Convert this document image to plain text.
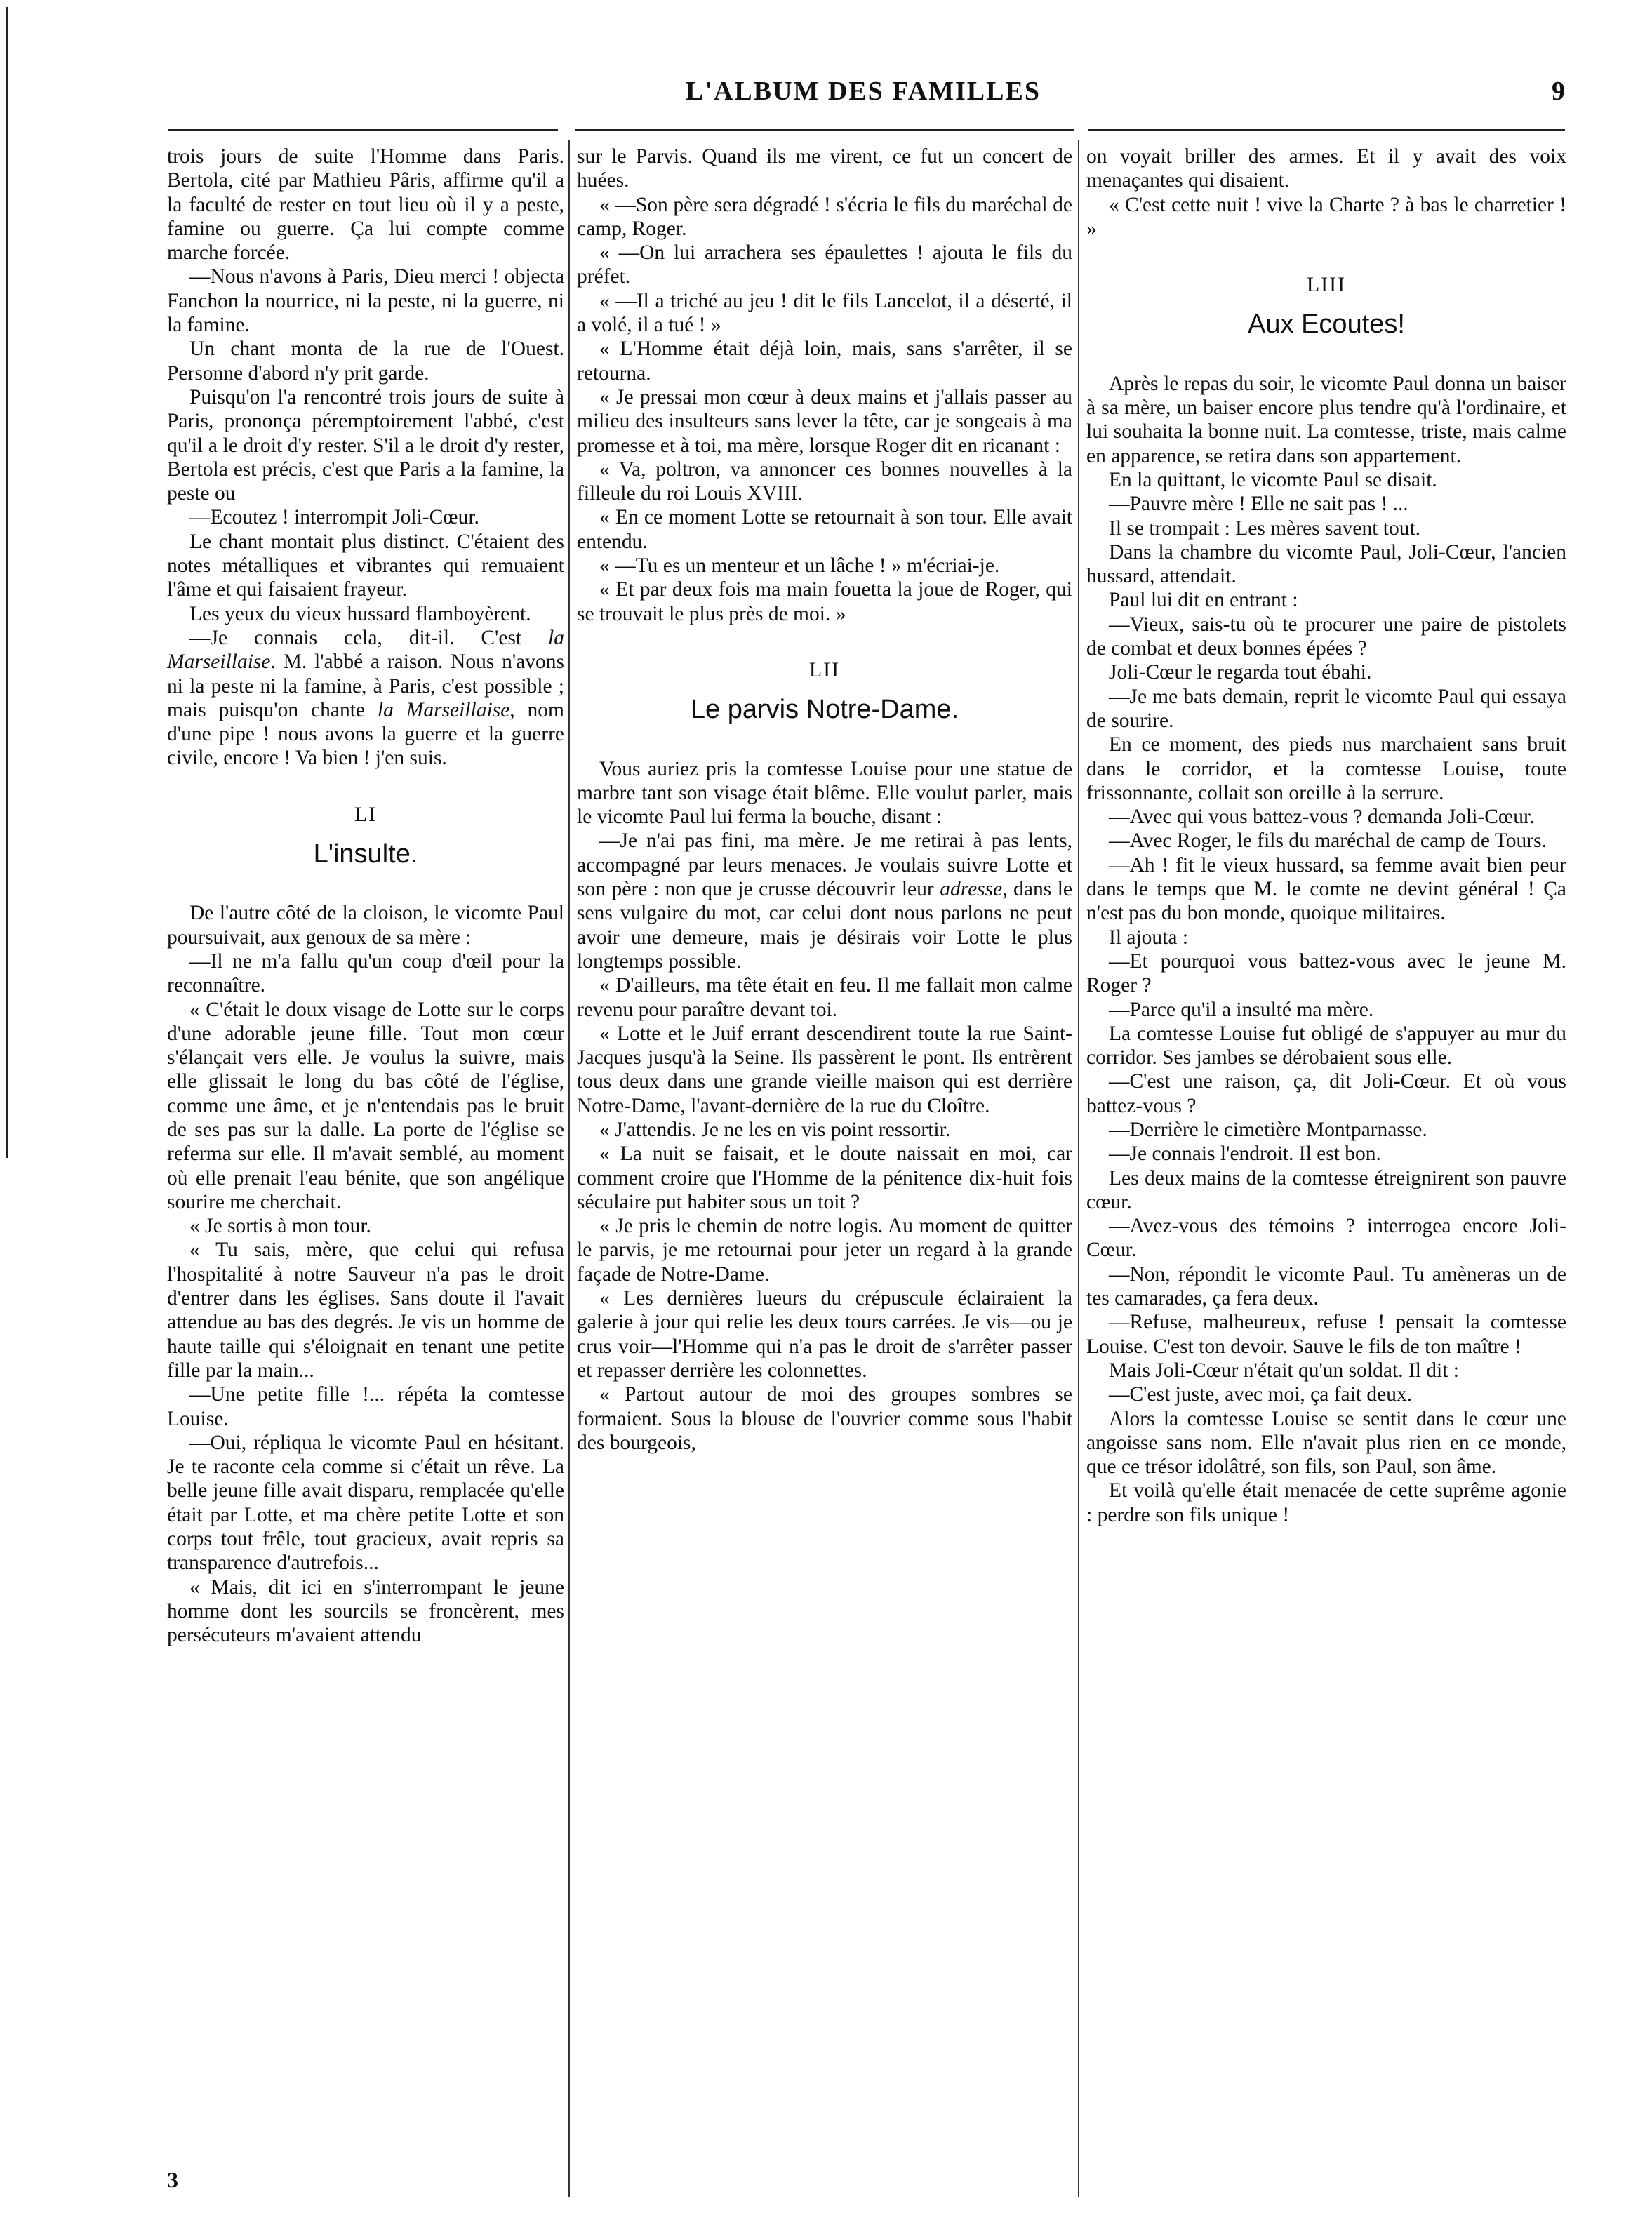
L'ALBUM DES FAMILLES	9

trois jours de suite l'Homme dans Paris. Bertola, cité par Mathieu Pâris, affirme qu'il a la faculté de rester en tout lieu où il y a peste, famine ou guerre. Ça lui compte comme marche forcée.

—Nous n'avons à Paris, Dieu merci ! objecta Fanchon la nourrice, ni la peste, ni la guerre, ni la famine.

Un chant monta de la rue de l'Ouest. Personne d'abord n'y prit garde.

Puisqu'on l'a rencontré trois jours de suite à Paris, prononça péremptoirement l'abbé, c'est qu'il a le droit d'y rester. S'il a le droit d'y rester, Bertola est précis, c'est que Paris a la famine, la peste ou

—Ecoutez ! interrompit Joli-Cœur.

Le chant montait plus distinct. C'étaient des notes métalliques et vibrantes qui remuaient l'âme et qui faisaient frayeur.

Les yeux du vieux hussard flamboyèrent.

—Je connais cela, dit-il. C'est la Marseillaise. M. l'abbé a raison. Nous n'avons ni la peste ni la famine, à Paris, c'est possible ; mais puisqu'on chante la Marseillaise, nom d'une pipe ! nous avons la guerre et la guerre civile, encore ! Va bien ! j'en suis.

LI
L'insulte.

De l'autre côté de la cloison, le vicomte Paul poursuivait, aux genoux de sa mère :

—Il ne m'a fallu qu'un coup d'œil pour la reconnaître.

« C'était le doux visage de Lotte sur le corps d'une adorable jeune fille. Tout mon cœur s'élançait vers elle. Je voulus la suivre, mais elle glissait le long du bas côté de l'église, comme une âme, et je n'entendais pas le bruit de ses pas sur la dalle. La porte de l'église se referma sur elle. Il m'avait semblé, au moment où elle prenait l'eau bénite, que son angélique sourire me cherchait.

« Je sortis à mon tour.

« Tu sais, mère, que celui qui refusa l'hospitalité à notre Sauveur n'a pas le droit d'entrer dans les églises. Sans doute il l'avait attendue au bas des degrés. Je vis un homme de haute taille qui s'éloignait en tenant une petite fille par la main...

—Une petite fille !... répéta la comtesse Louise.

—Oui, répliqua le vicomte Paul en hésitant. Je te raconte cela comme si c'était un rêve. La belle jeune fille avait disparu, remplacée qu'elle était par Lotte, et ma chère petite Lotte et son corps tout frêle, tout gracieux, avait repris sa transparence d'autrefois...

« Mais, dit ici en s'interrompant le jeune homme dont les sourcils se froncèrent, mes persécuteurs m'avaient attendu

sur le Parvis. Quand ils me virent, ce fut un concert de huées.

« —Son père sera dégradé ! s'écria le fils du maréchal de camp, Roger.

« —On lui arrachera ses épaulettes ! ajouta le fils du préfet.

« —Il a triché au jeu ! dit le fils Lancelot, il a déserté, il a volé, il a tué ! »

« L'Homme était déjà loin, mais, sans s'arrêter, il se retourna.

« Je pressai mon cœur à deux mains et j'allais passer au milieu des insulteurs sans lever la tête, car je songeais à ma promesse et à toi, ma mère, lorsque Roger dit en ricanant :

« Va, poltron, va annoncer ces bonnes nouvelles à la filleule du roi Louis XVIII.

« En ce moment Lotte se retournait à son tour. Elle avait entendu.

« —Tu es un menteur et un lâche ! » m'écriai-je.

« Et par deux fois ma main fouetta la joue de Roger, qui se trouvait le plus près de moi. »

LII
Le parvis Notre-Dame.

Vous auriez pris la comtesse Louise pour une statue de marbre tant son visage était blême. Elle voulut parler, mais le vicomte Paul lui ferma la bouche, disant :

—Je n'ai pas fini, ma mère. Je me retirai à pas lents, accompagné par leurs menaces. Je voulais suivre Lotte et son père : non que je crusse découvrir leur adresse, dans le sens vulgaire du mot, car celui dont nous parlons ne peut avoir une demeure, mais je désirais voir Lotte le plus longtemps possible.

« D'ailleurs, ma tête était en feu. Il me fallait mon calme revenu pour paraître devant toi.

« Lotte et le Juif errant descendirent toute la rue Saint-Jacques jusqu'à la Seine. Ils passèrent le pont. Ils entrèrent tous deux dans une grande vieille maison qui est derrière Notre-Dame, l'avant-dernière de la rue du Cloître.

« J'attendis. Je ne les en vis point ressortir.

« La nuit se faisait, et le doute naissait en moi, car comment croire que l'Homme de la pénitence dix-huit fois séculaire put habiter sous un toit ?

« Je pris le chemin de notre logis. Au moment de quitter le parvis, je me retournai pour jeter un regard à la grande façade de Notre-Dame.

« Les dernières lueurs du crépuscule éclairaient la galerie à jour qui relie les deux tours carrées. Je vis—ou je crus voir—l'Homme qui n'a pas le droit de s'arrêter passer et repasser derrière les colonnettes.

« Partout autour de moi des groupes sombres se formaient. Sous la blouse de l'ouvrier comme sous l'habit des bourgeois,

on voyait briller des armes. Et il y avait des voix menaçantes qui disaient.

« C'est cette nuit ! vive la Charte ? à bas le charretier ! »

LIII
Aux Ecoutes!

Après le repas du soir, le vicomte Paul donna un baiser à sa mère, un baiser encore plus tendre qu'à l'ordinaire, et lui souhaita la bonne nuit. La comtesse, triste, mais calme en apparence, se retira dans son appartement.

En la quittant, le vicomte Paul se disait.

—Pauvre mère ! Elle ne sait pas ! ...

Il se trompait : Les mères savent tout.

Dans la chambre du vicomte Paul, Joli-Cœur, l'ancien hussard, attendait.

Paul lui dit en entrant :

—Vieux, sais-tu où te procurer une paire de pistolets de combat et deux bonnes épées ?

Joli-Cœur le regarda tout ébahi.

—Je me bats demain, reprit le vicomte Paul qui essaya de sourire.

En ce moment, des pieds nus marchaient sans bruit dans le corridor, et la comtesse Louise, toute frissonnante, collait son oreille à la serrure.

—Avec qui vous battez-vous ? demanda Joli-Cœur.

—Avec Roger, le fils du maréchal de camp de Tours.

—Ah ! fit le vieux hussard, sa femme avait bien peur dans le temps que M. le comte ne devint général ! Ça n'est pas du bon monde, quoique militaires.

Il ajouta :

—Et pourquoi vous battez-vous avec le jeune M. Roger ?

—Parce qu'il a insulté ma mère.

La comtesse Louise fut obligé de s'appuyer au mur du corridor. Ses jambes se dérobaient sous elle.

—C'est une raison, ça, dit Joli-Cœur. Et où vous battez-vous ?

—Derrière le cimetière Montparnasse.

—Je connais l'endroit. Il est bon.

Les deux mains de la comtesse étreignirent son pauvre cœur.

—Avez-vous des témoins ? interrogea encore Joli-Cœur.

—Non, répondit le vicomte Paul. Tu amèneras un de tes camarades, ça fera deux.

—Refuse, malheureux, refuse ! pensait la comtesse Louise. C'est ton devoir. Sauve le fils de ton maître !

Mais Joli-Cœur n'était qu'un soldat. Il dit :

—C'est juste, avec moi, ça fait deux.

Alors la comtesse Louise se sentit dans le cœur une angoisse sans nom. Elle n'avait plus rien en ce monde, que ce trésor idolâtré, son fils, son Paul, son âme.

Et voilà qu'elle était menacée de cette suprême agonie : perdre son fils unique !

3
